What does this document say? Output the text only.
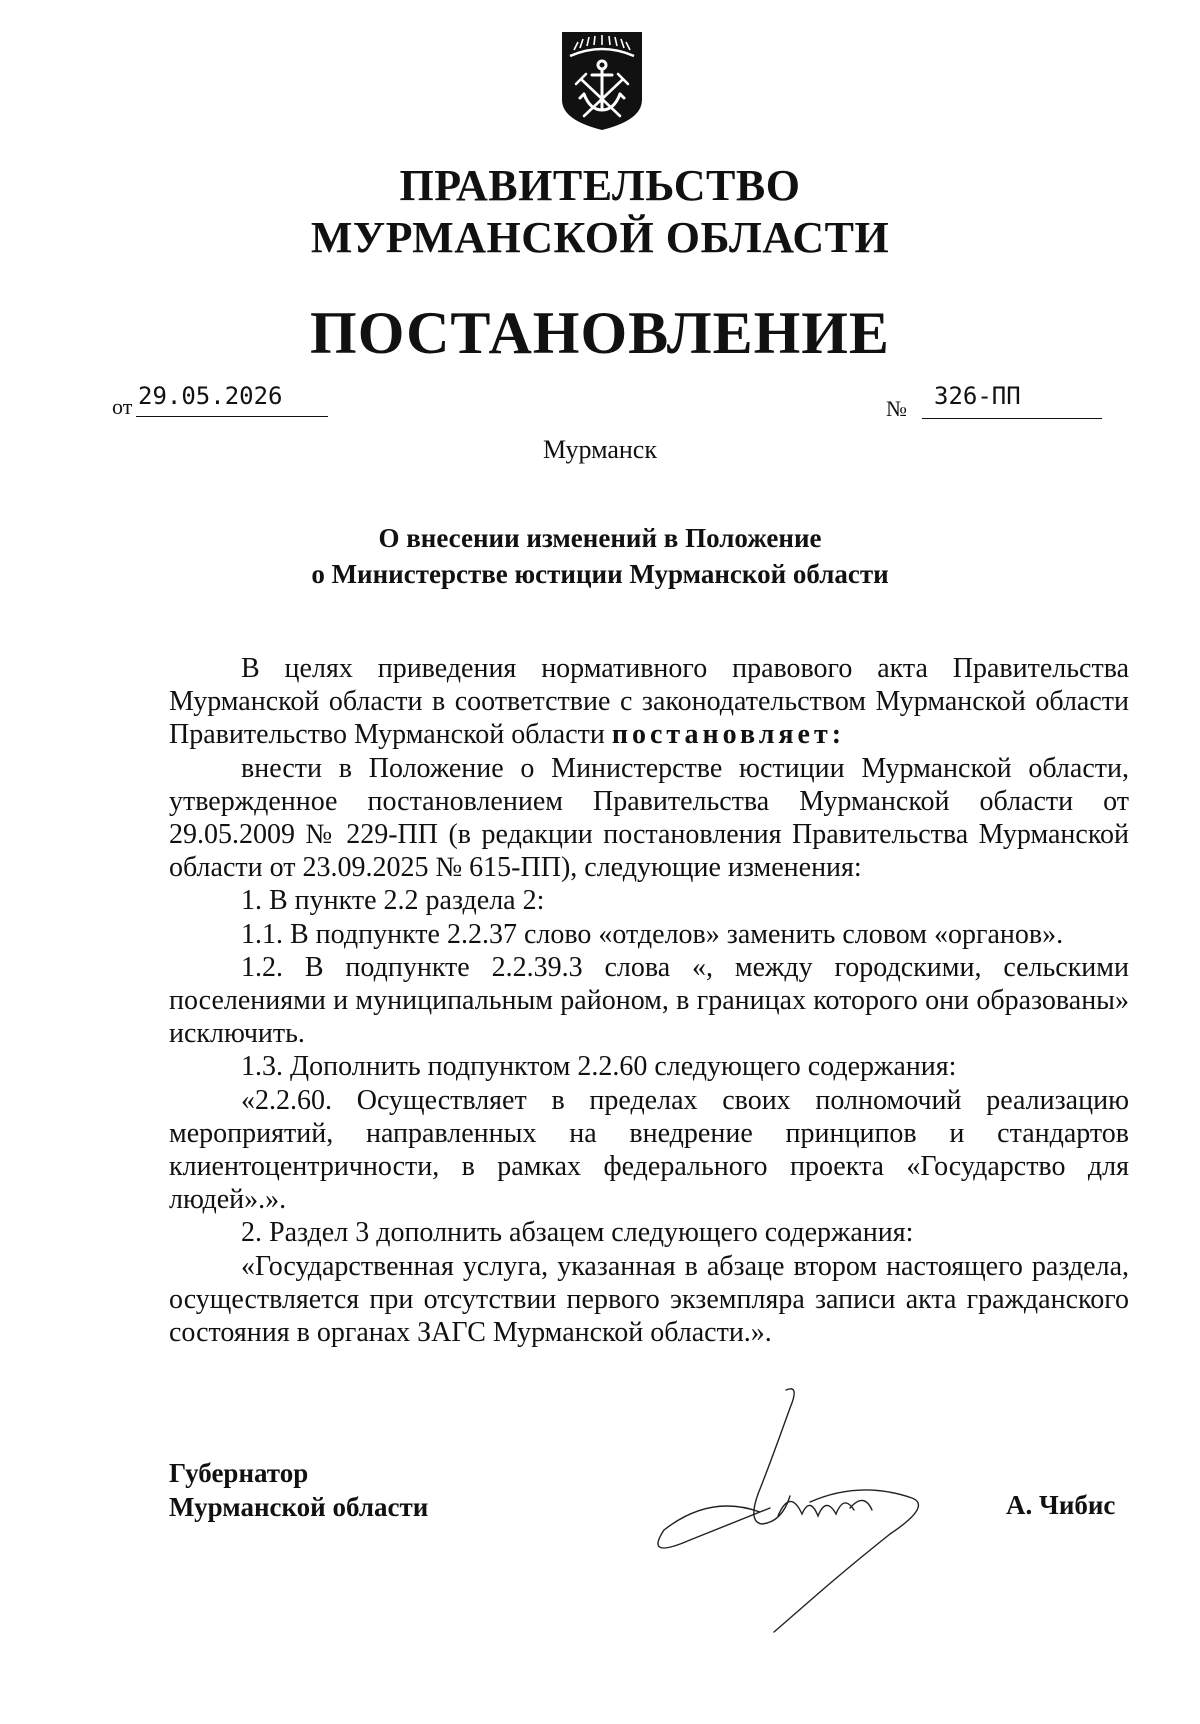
ПРАВИТЕЛЬСТВО
МУРМАНСКОЙ ОБЛАСТИ
ПОСТАНОВЛЕНИЕ
от 29.05.2026	№ 326-ПП
Мурманск
О внесении изменений в Положение
о Министерстве юстиции Мурманской области

В целях приведения нормативного правового акта Правительства Мурманской области в соответствие с законодательством Мурманской области Правительство Мурманской области постановляет:

внести в Положение о Министерстве юстиции Мурманской области, утвержденное постановлением Правительства Мурманской области от 29.05.2009 № 229-ПП (в редакции постановления Правительства Мурманской области от 23.09.2025 № 615-ПП), следующие изменения:

1. В пункте 2.2 раздела 2:

1.1. В подпункте 2.2.37 слово «отделов» заменить словом «органов».

1.2. В подпункте 2.2.39.3 слова «, между городскими, сельскими поселениями и муниципальным районом, в границах которого они образованы» исключить.

1.3. Дополнить подпунктом 2.2.60 следующего содержания:

«2.2.60. Осуществляет в пределах своих полномочий реализацию мероприятий, направленных на внедрение принципов и стандартов клиентоцентричности, в рамках федерального проекта «Государство для людей».».

2. Раздел 3 дополнить абзацем следующего содержания:

«Государственная услуга, указанная в абзаце втором настоящего раздела, осуществляется при отсутствии первого экземпляра записи акта гражданского состояния в органах ЗАГС Мурманской области.».

Губернатор
Мурманской области	А. Чибис
